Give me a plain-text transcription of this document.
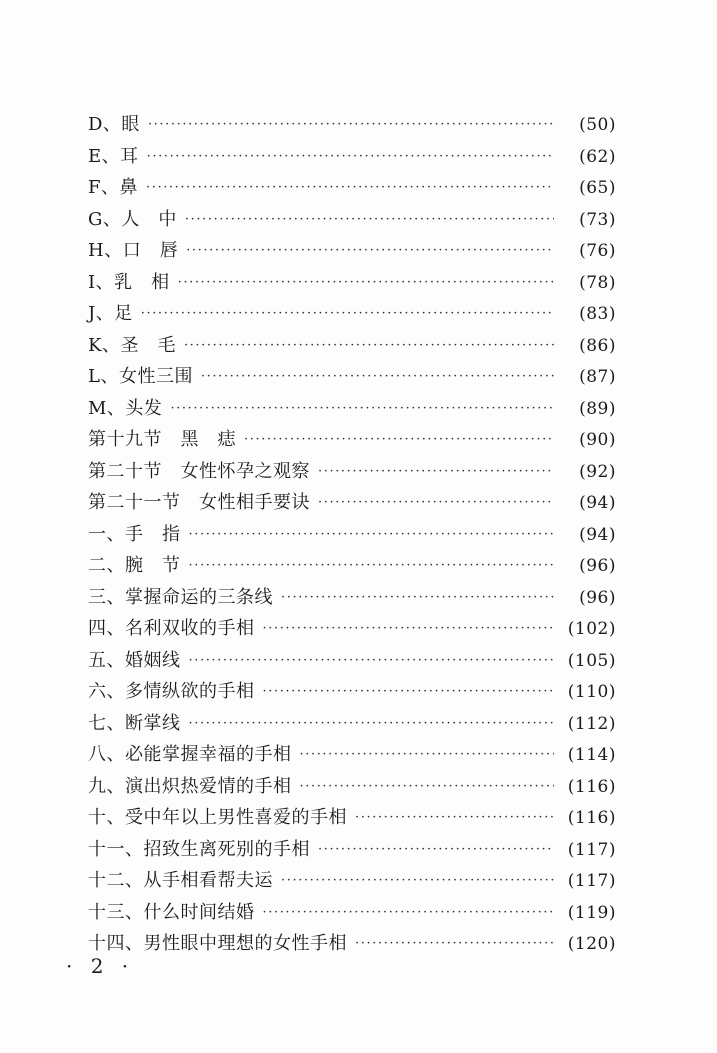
D、眼 ·····	(50)
E、耳 ·····	(62)
F、鼻 ·····	(65)
G、人　中 ·····	(73)
H、口　唇 ·····	(76)
I、乳　相 ·····	(78)
J、足 ·····	(83)
K、圣　毛 ·····	(86)
L、女性三围 ·····	(87)
M、头发 ·····	(89)
第十九节　黑　痣 ·····	(90)
第二十节　女性怀孕之观察 ·····	(92)
第二十一节　女性相手要诀 ·····	(94)
一、手　指 ·····	(94)
二、腕　节 ·····	(96)
三、掌握命运的三条线 ·····	(96)
四、名利双收的手相 ·····	(102)
五、婚姻线 ·····	(105)
六、多情纵欲的手相 ·····	(110)
七、断掌线 ·····	(112)
八、必能掌握幸福的手相 ·····	(114)
九、演出炽热爱情的手相 ·····	(116)
十、受中年以上男性喜爱的手相 ·····	(116)
十一、招致生离死别的手相 ·····	(117)
十二、从手相看帮夫运 ·····	(117)
十三、什么时间结婚 ·····	(119)
十四、男性眼中理想的女性手相 ·····	(120)
· 2 ·
